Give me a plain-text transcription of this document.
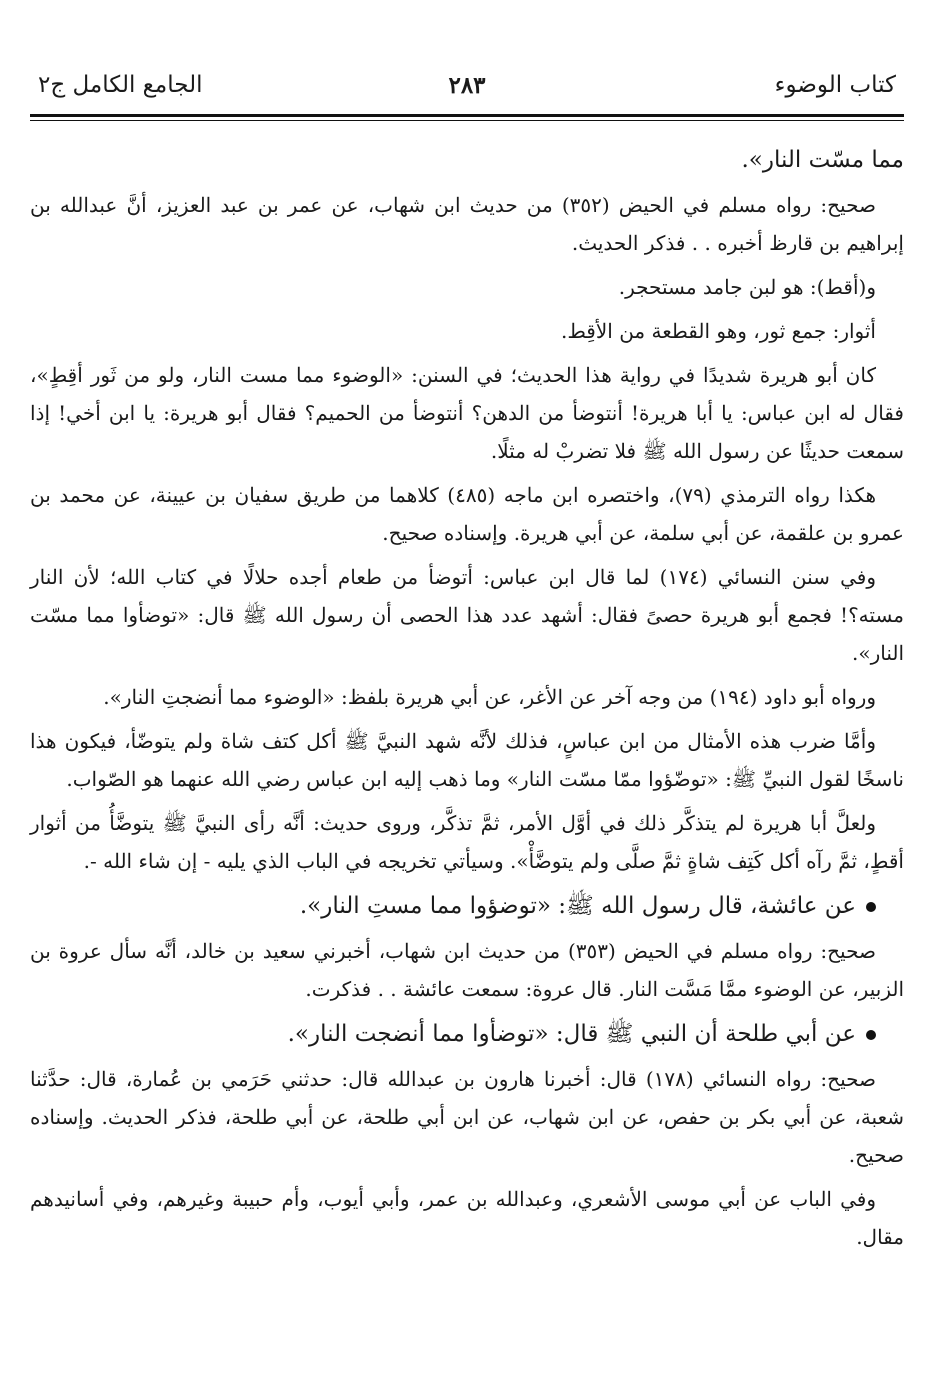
كتاب الوضوء
٢٨٣
الجامع الكامل ج٢

مما مسّت النار».

صحيح: رواه مسلم في الحيض (٣٥٢) من حديث ابن شهاب، عن عمر بن عبد العزيز، أنَّ عبدالله بن إبراهيم بن قارظ أخبره . . فذكر الحديث.

و(أقط): هو لبن جامد مستحجر.

أثوار: جمع ثور، وهو القطعة من الأقِط.

كان أبو هريرة شديدًا في رواية هذا الحديث؛ في السنن: «الوضوء مما مست النار، ولو من ثَور أقِطٍ»، فقال له ابن عباس: يا أبا هريرة! أنتوضأ من الدهن؟ أنتوضأ من الحميم؟ فقال أبو هريرة: يا ابن أخي! إذا سمعت حديثًا عن رسول الله ﷺ فلا تضربْ له مثلًا.

هكذا رواه الترمذي (٧٩)، واختصره ابن ماجه (٤٨٥) كلاهما من طريق سفيان بن عيينة، عن محمد بن عمرو بن علقمة، عن أبي سلمة، عن أبي هريرة. وإسناده صحيح.

وفي سنن النسائي (١٧٤) لما قال ابن عباس: أتوضأ من طعام أجده حلالًا في كتاب الله؛ لأن النار مسته؟! فجمع أبو هريرة حصىً فقال: أشهد عدد هذا الحصى أن رسول الله ﷺ قال: «توضأوا مما مسّت النار».

ورواه أبو داود (١٩٤) من وجه آخر عن الأغر، عن أبي هريرة بلفظ: «الوضوء مما أنضجتِ النار».

وأمَّا ضرب هذه الأمثال من ابن عباسٍ، فذلك لأنَّه شهد النبيَّ ﷺ أكل كتف شاة ولم يتوضّأ، فيكون هذا ناسخًا لقول النبيِّ ﷺ: «توضّؤوا ممّا مسّت النار» وما ذهب إليه ابن عباس رضي الله عنهما هو الصّواب.

ولعلَّ أبا هريرة لم يتذكَّر ذلك في أوَّل الأمر، ثمَّ تذكَّر، وروى حديث: أنَّه رأى النبيَّ ﷺ يتوضَّأُ من أثوار أقطٍ، ثمَّ رآه أكل كَتِف شاةٍ ثمَّ صلَّى ولم يتوضَّأْ». وسيأتي تخريجه في الباب الذي يليه - إن شاء الله -.

عن عائشة، قال رسول الله ﷺ: «توضؤوا مما مستِ النار».

صحيح: رواه مسلم في الحيض (٣٥٣) من حديث ابن شهاب، أخبرني سعيد بن خالد، أنَّه سأل عروة بن الزبير، عن الوضوء ممَّا مَسَّت النار. قال عروة: سمعت عائشة . . فذكرت.

عن أبي طلحة أن النبي ﷺ قال: «توضأوا مما أنضجت النار».

صحيح: رواه النسائي (١٧٨) قال: أخبرنا هارون بن عبدالله قال: حدثني حَرَمي بن عُمارة، قال: حدَّثنا شعبة، عن أبي بكر بن حفص، عن ابن شهاب، عن ابن أبي طلحة، عن أبي طلحة، فذكر الحديث. وإسناده صحيح.

وفي الباب عن أبي موسى الأشعري، وعبدالله بن عمر، وأبي أيوب، وأم حبيبة وغيرهم، وفي أسانيدهم مقال.
